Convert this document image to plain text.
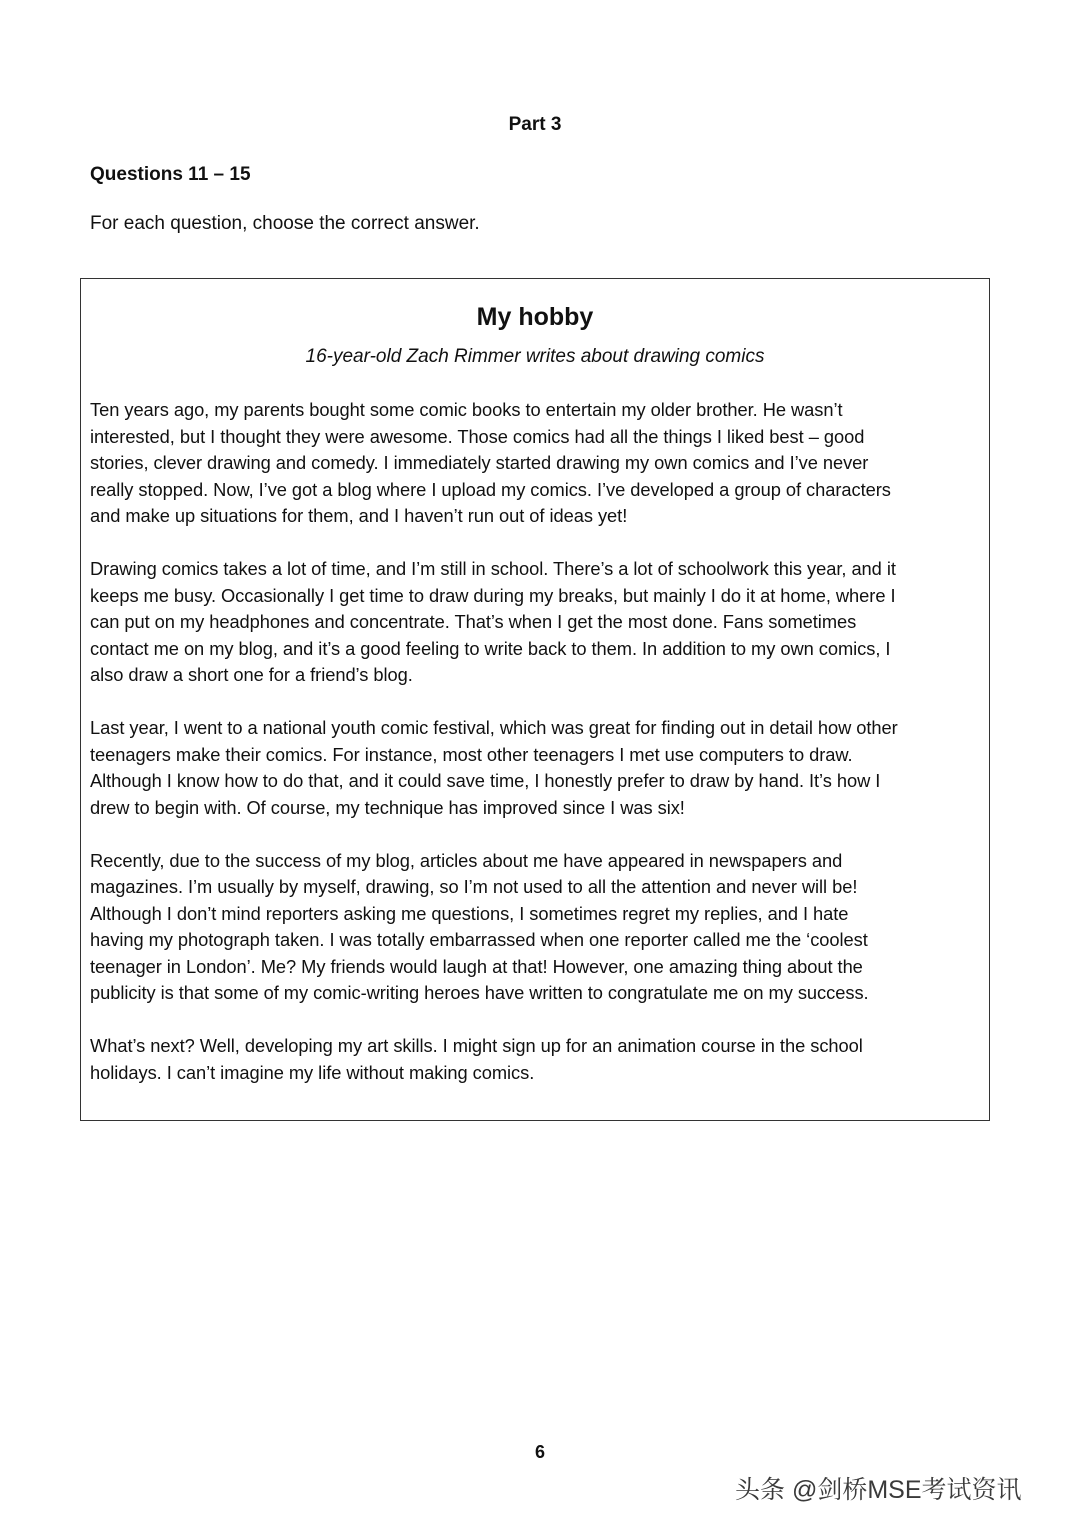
Part 3
Questions 11 – 15
For each question, choose the correct answer.
My hobby
16-year-old Zach Rimmer writes about drawing comics

Ten years ago, my parents bought some comic books to entertain my older brother. He wasn’t
interested, but I thought they were awesome. Those comics had all the things I liked best – good
stories, clever drawing and comedy. I immediately started drawing my own comics and I’ve never
really stopped. Now, I’ve got a blog where I upload my comics. I’ve developed a group of characters
and make up situations for them, and I haven’t run out of ideas yet!

Drawing comics takes a lot of time, and I’m still in school. There’s a lot of schoolwork this year, and it
keeps me busy. Occasionally I get time to draw during my breaks, but mainly I do it at home, where I
can put on my headphones and concentrate. That’s when I get the most done. Fans sometimes
contact me on my blog, and it’s a good feeling to write back to them. In addition to my own comics, I
also draw a short one for a friend’s blog.

Last year, I went to a national youth comic festival, which was great for finding out in detail how other
teenagers make their comics. For instance, most other teenagers I met use computers to draw.
Although I know how to do that, and it could save time, I honestly prefer to draw by hand. It’s how I
drew to begin with. Of course, my technique has improved since I was six!

Recently, due to the success of my blog, articles about me have appeared in newspapers and
magazines. I’m usually by myself, drawing, so I’m not used to all the attention and never will be!
Although I don’t mind reporters asking me questions, I sometimes regret my replies, and I hate
having my photograph taken. I was totally embarrassed when one reporter called me the ‘coolest
teenager in London’. Me? My friends would laugh at that! However, one amazing thing about the
publicity is that some of my comic-writing heroes have written to congratulate me on my success.

What’s next? Well, developing my art skills. I might sign up for an animation course in the school
holidays. I can’t imagine my life without making comics.

6
头条 @剑桥MSE考试资讯
